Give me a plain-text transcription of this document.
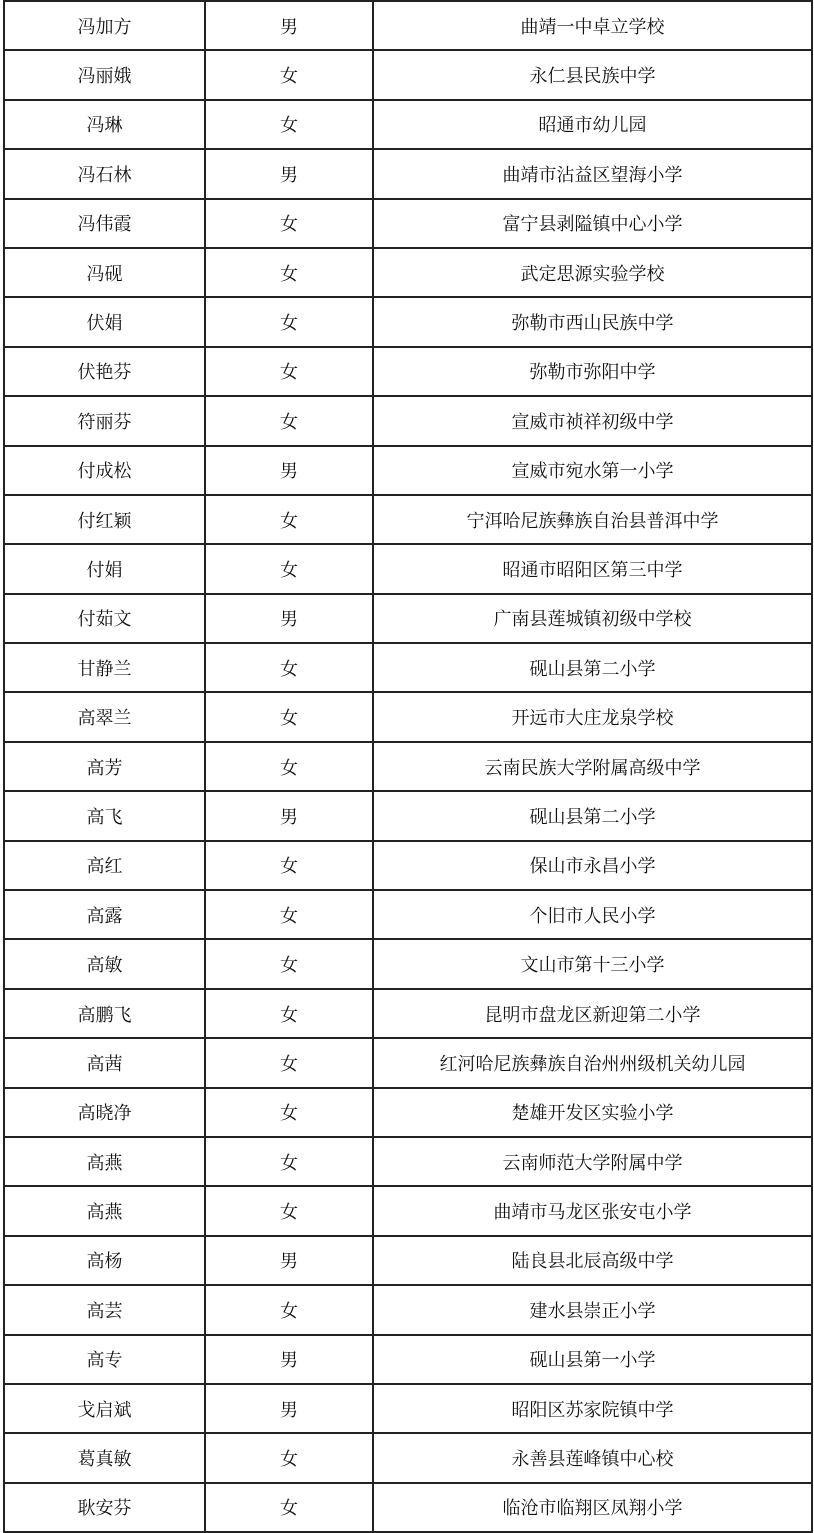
冯加方	男	曲靖一中卓立学校
冯丽娥	女	永仁县民族中学
冯琳	女	昭通市幼儿园
冯石林	男	曲靖市沾益区望海小学
冯伟霞	女	富宁县剥隘镇中心小学
冯砚	女	武定思源实验学校
伏娟	女	弥勒市西山民族中学
伏艳芬	女	弥勒市弥阳中学
符丽芬	女	宣威市祯祥初级中学
付成松	男	宣威市宛水第一小学
付红颖	女	宁洱哈尼族彝族自治县普洱中学
付娟	女	昭通市昭阳区第三中学
付茹文	男	广南县莲城镇初级中学校
甘静兰	女	砚山县第二小学
高翠兰	女	开远市大庄龙泉学校
高芳	女	云南民族大学附属高级中学
高飞	男	砚山县第二小学
高红	女	保山市永昌小学
高露	女	个旧市人民小学
高敏	女	文山市第十三小学
高鹏飞	女	昆明市盘龙区新迎第二小学
高茜	女	红河哈尼族彝族自治州州级机关幼儿园
高晓净	女	楚雄开发区实验小学
高燕	女	云南师范大学附属中学
高燕	女	曲靖市马龙区张安屯小学
高杨	男	陆良县北辰高级中学
高芸	女	建水县崇正小学
高专	男	砚山县第一小学
戈启斌	男	昭阳区苏家院镇中学
葛真敏	女	永善县莲峰镇中心校
耿安芬	女	临沧市临翔区凤翔小学
